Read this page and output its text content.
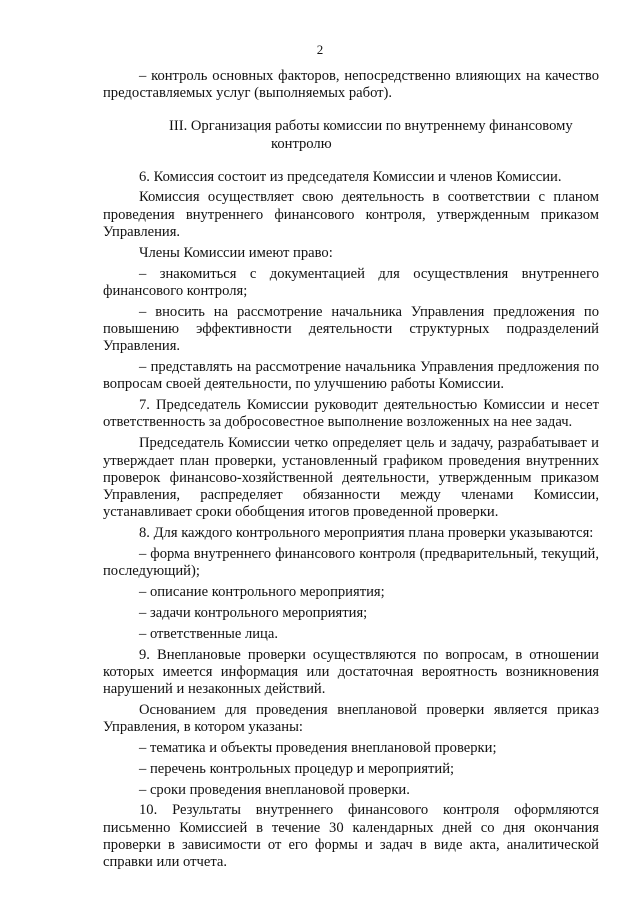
2

– контроль основных факторов, непосредственно влияющих на качество предоставляемых услуг (выполняемых работ).

III. Организация работы комиссии по внутреннему финансовому
контролю

6. Комиссия состоит из председателя Комиссии и членов Комиссии.

Комиссия осуществляет свою деятельность в соответствии с планом проведения внутреннего финансового контроля, утвержденным приказом Управления.

Члены Комиссии имеют право:

– знакомиться с документацией для осуществления внутреннего финансового контроля;

– вносить на рассмотрение начальника Управления предложения по повышению эффективности деятельности структурных подразделений Управления.

– представлять на рассмотрение начальника Управления предложения по вопросам своей деятельности, по улучшению работы Комиссии.

7. Председатель Комиссии руководит деятельностью Комиссии и несет ответственность за добросовестное выполнение возложенных на нее задач.

Председатель Комиссии четко определяет цель и задачу, разрабатывает и утверждает план проверки, установленный графиком проведения внутренних проверок финансово-хозяйственной деятельности, утвержденным приказом Управления, распределяет обязанности между членами Комиссии, устанавливает сроки обобщения итогов проведенной проверки.

8. Для каждого контрольного мероприятия плана проверки указываются:

– форма внутреннего финансового контроля (предварительный, текущий, последующий);

– описание контрольного мероприятия;

– задачи контрольного мероприятия;

– ответственные лица.

9. Внеплановые проверки осуществляются по вопросам, в отношении которых имеется информация или достаточная вероятность возникновения нарушений и незаконных действий.

Основанием для проведения внеплановой проверки является приказ Управления, в котором указаны:

– тематика и объекты проведения внеплановой проверки;

– перечень контрольных процедур и мероприятий;

– сроки проведения внеплановой проверки.

10. Результаты внутреннего финансового контроля оформляются письменно Комиссией в течение 30 календарных дней со дня окончания проверки в зависимости от его формы и задач в виде акта, аналитической справки или отчета.
